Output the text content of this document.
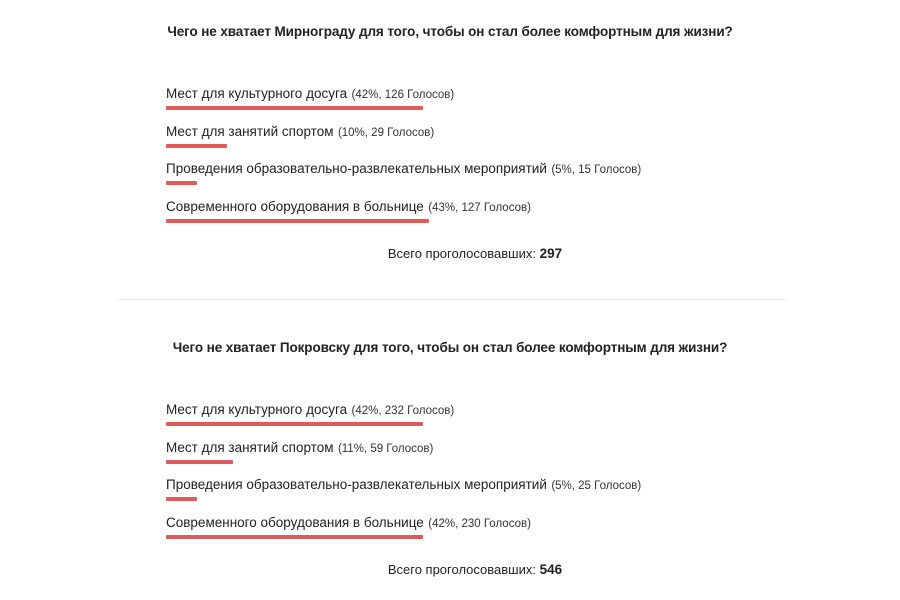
Чего не хватает Мирнограду для того, чтобы он стал более комфортным для жизни?
Мест для культурного досуга (42%, 126 Голосов)
Мест для занятий спортом (10%, 29 Голосов)
Проведения образовательно-развлекательных мероприятий (5%, 15 Голосов)
Современного оборудования в больнице (43%, 127 Голосов)
Всего проголосовавших: 297
Чего не хватает Покровску для того, чтобы он стал более комфортным для жизни?
Мест для культурного досуга (42%, 232 Голосов)
Мест для занятий спортом (11%, 59 Голосов)
Проведения образовательно-развлекательных мероприятий (5%, 25 Голосов)
Современного оборудования в больнице (42%, 230 Голосов)
Всего проголосовавших: 546
